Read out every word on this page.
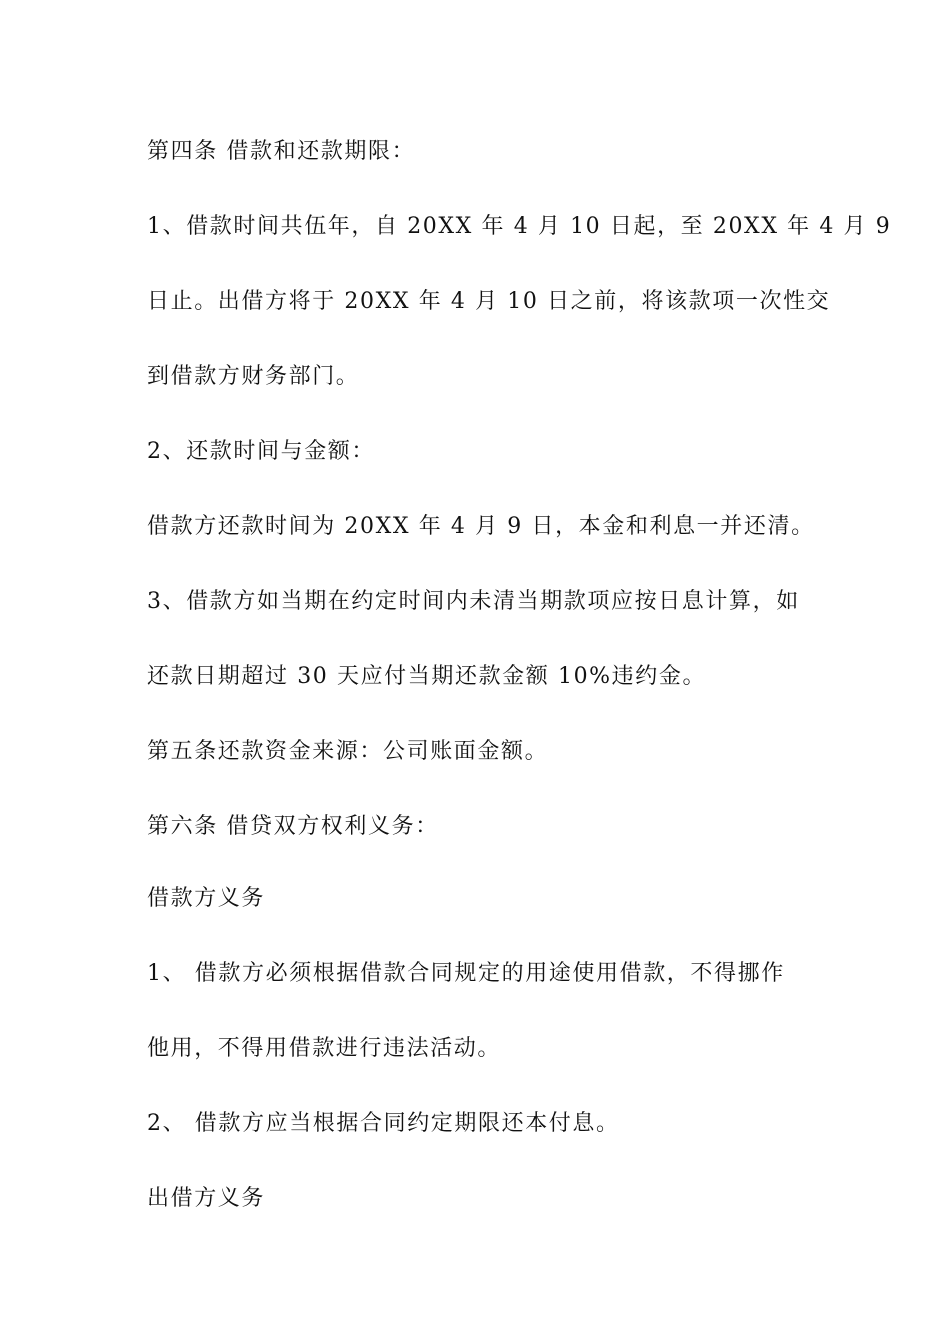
第四条 借款和还款期限：
1、借款时间共伍年，自 20XX 年 4 月 10 日起，至 20XX 年 4 月 9
日止。出借方将于 20XX 年 4 月 10 日之前，将该款项一次性交
到借款方财务部门。
2、还款时间与金额：
借款方还款时间为 20XX 年 4 月 9 日，本金和利息一并还清。
3、借款方如当期在约定时间内未清当期款项应按日息计算，如
还款日期超过 30 天应付当期还款金额 10%违约金。
第五条还款资金来源：公司账面金额。
第六条 借贷双方权利义务：
借款方义务
1、 借款方必须根据借款合同规定的用途使用借款，不得挪作
他用，不得用借款进行违法活动。
2、 借款方应当根据合同约定期限还本付息。
出借方义务
